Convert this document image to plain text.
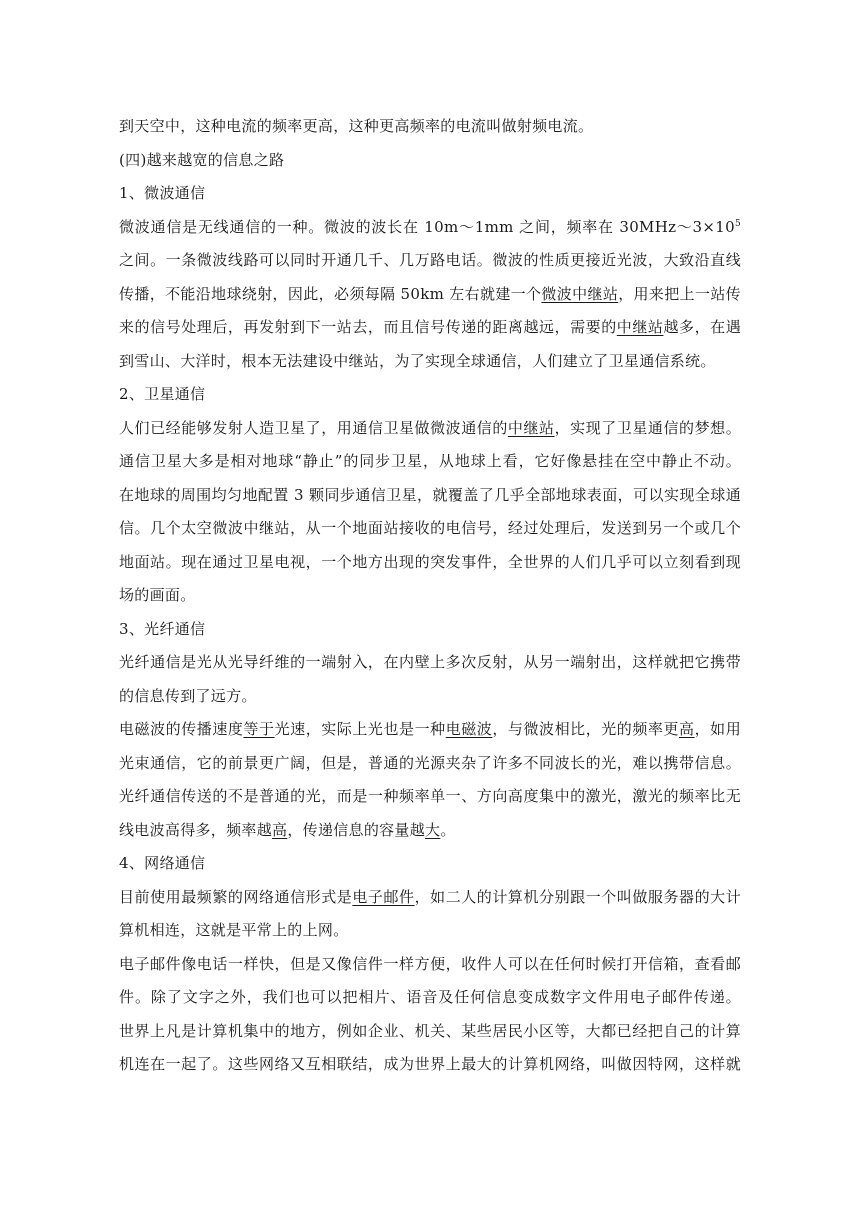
到天空中，这种电流的频率更高，这种更高频率的电流叫做射频电流。
(四)越来越宽的信息之路
1、微波通信
微波通信是无线通信的一种。微波的波长在 10m～1mm 之间，频率在 $30MHz\sim 3\times 10^5$
之间。一条微波线路可以同时开通几千、几万路电话。微波的性质更接近光波，大致沿直线
传播，不能沿地球绕射，因此，必须每隔 50km 左右就建一个微波中继站，用来把上一站传
来的信号处理后，再发射到下一站去，而且信号传递的距离越远，需要的中继站越多，在遇
到雪山、大洋时，根本无法建设中继站，为了实现全球通信，人们建立了卫星通信系统。
2、卫星通信
人们已经能够发射人造卫星了，用通信卫星做微波通信的中继站，实现了卫星通信的梦想。
通信卫星大多是相对地球“静止”的同步卫星，从地球上看，它好像悬挂在空中静止不动。
在地球的周围均匀地配置 3 颗同步通信卫星，就覆盖了几乎全部地球表面，可以实现全球通
信。几个太空微波中继站，从一个地面站接收的电信号，经过处理后，发送到另一个或几个
地面站。现在通过卫星电视，一个地方出现的突发事件，全世界的人们几乎可以立刻看到现
场的画面。
3、光纤通信
光纤通信是光从光导纤维的一端射入，在内壁上多次反射，从另一端射出，这样就把它携带
的信息传到了远方。
电磁波的传播速度等于光速，实际上光也是一种电磁波，与微波相比，光的频率更高，如用
光束通信，它的前景更广阔，但是，普通的光源夹杂了许多不同波长的光，难以携带信息。
光纤通信传送的不是普通的光，而是一种频率单一、方向高度集中的激光，激光的频率比无
线电波高得多，频率越高，传递信息的容量越大。
4、网络通信
目前使用最频繁的网络通信形式是电子邮件，如二人的计算机分别跟一个叫做服务器的大计
算机相连，这就是平常上的上网。
电子邮件像电话一样快，但是又像信件一样方便，收件人可以在任何时候打开信箱，查看邮
件。除了文字之外，我们也可以把相片、语音及任何信息变成数字文件用电子邮件传递。
世界上凡是计算机集中的地方，例如企业、机关、某些居民小区等，大都已经把自己的计算
机连在一起了。这些网络又互相联结，成为世界上最大的计算机网络，叫做因特网，这样就
